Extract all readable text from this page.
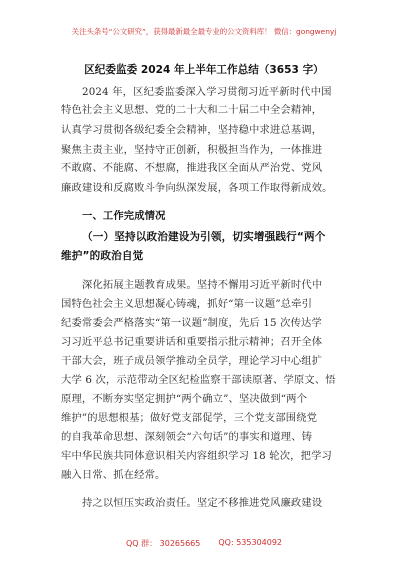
关注头条号“公文研究”，获得最新最全最专业的公文资料库！ 微信：gongwenyj
区纪委监委 2024 年上半年工作总结（3653 字）
2024 年，区纪委监委深入学习贯彻习近平新时代中国
特色社会主义思想、党的二十大和二十届二中全会精神，
认真学习贯彻各级纪委全会精神，坚持稳中求进总基调，
聚焦主责主业，坚持守正创新，积极担当作为，一体推进
不敢腐、不能腐、不想腐，推进我区全面从严治党、党风
廉政建设和反腐败斗争向纵深发展，各项工作取得新成效。
一、工作完成情况
（一）坚持以政治建设为引领，切实增强践行“两个
维护”的政治自觉
深化拓展主题教育成果。坚持不懈用习近平新时代中
国特色社会主义思想凝心铸魂，抓好“第一议题”总牵引
纪委常委会严格落实“第一议题”制度，先后 15 次传达学
习习近平总书记重要讲话和重要指示批示精神；召开全体
干部大会，班子成员领学推动全员学，理论学习中心组扩
大学 6 次，示范带动全区纪检监察干部读原著、学原文、悟
原理，不断夯实坚定拥护“两个确立”、坚决做到“两个
维护”的思想根基；做好党支部促学，三个党支部围绕党
的自我革命思想、深刻领会“六句话”的事实和道理、铸
牢中华民族共同体意识相关内容组织学习 18 轮次，把学习
融入日常、抓在经常。
持之以恒压实政治责任。坚定不移推进党风廉政建设
QQ 群： 30265665 QQ: 535304092
